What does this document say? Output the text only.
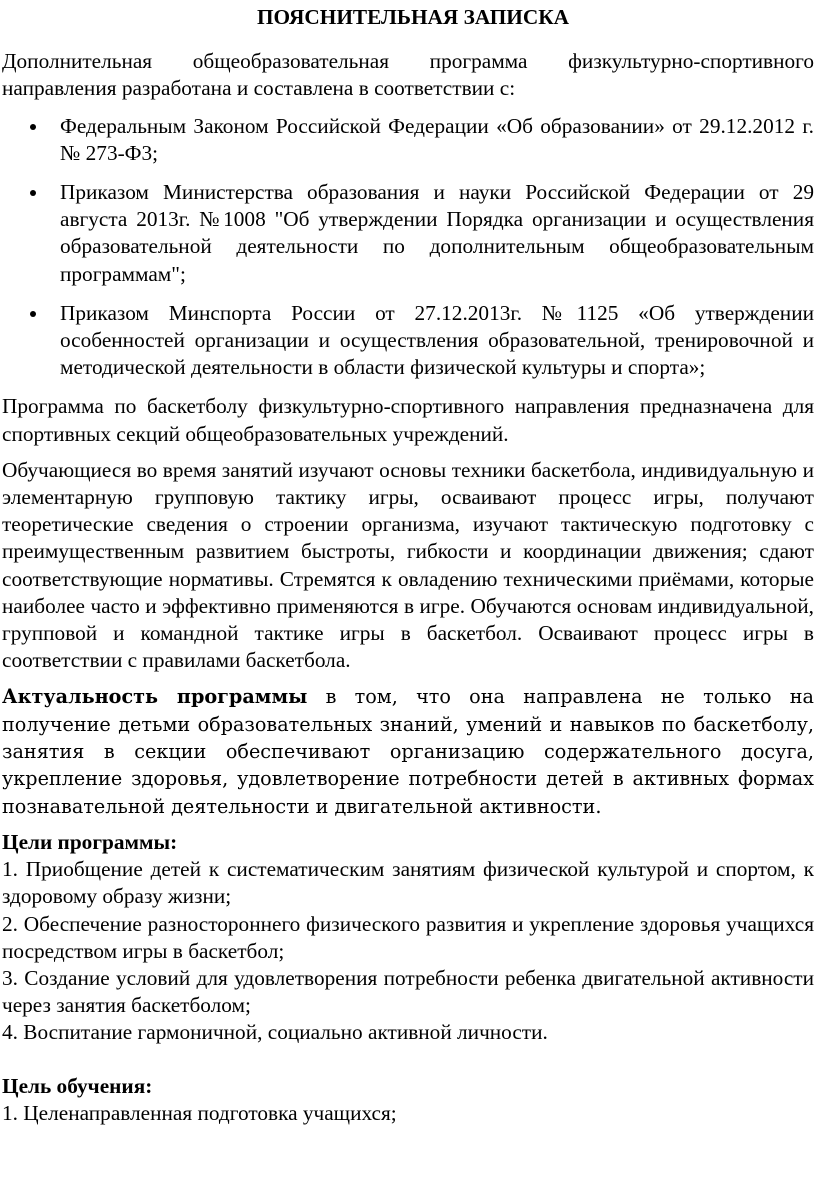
ПОЯСНИТЕЛЬНАЯ ЗАПИСКА

Дополнительная общеобразовательная программа физкультурно-спортивного направления разработана и составлена в соответствии с:

Федеральным Законом Российской Федерации «Об образовании» от 29.12.2012 г. № 273-Ф3;
Приказом Министерства образования и науки Российской Федерации от 29 августа 2013г. №1008 "Об утверждении Порядка организации и осуществления образовательной деятельности по дополнительным общеобразовательным программам";
Приказом Минспорта России от 27.12.2013г. №1125 «Об утверждении особенностей организации и осуществления образовательной, тренировочной и методической деятельности в области физической культуры и спорта»;

Программа по баскетболу физкультурно-спортивного направления предназначена для спортивных секций общеобразовательных учреждений.

Обучающиеся во время занятий изучают основы техники баскетбола, индивидуальную и элементарную групповую тактику игры, осваивают процесс игры, получают теоретические сведения о строении организма, изучают тактическую подготовку с преимущественным развитием быстроты, гибкости и координации движения; сдают соответствующие нормативы. Стремятся к овладению техническими приёмами, которые наиболее часто и эффективно применяются в игре. Обучаются основам индивидуальной, групповой и командной тактике игры в баскетбол. Осваивают процесс игры в соответствии с правилами баскетбола.

Актуальность программы в том, что она направлена не только на получение детьми образовательных знаний, умений и навыков по баскетболу, занятия в секции обеспечивают организацию содержательного досуга, укрепление здоровья, удовлетворение потребности детей в активных формах познавательной деятельности и двигательной активности.

Цели программы:

1. Приобщение детей к систематическим занятиям физической культурой и спортом, к здоровому образу жизни;

2. Обеспечение разностороннего физического развития и укрепление здоровья учащихся посредством игры в баскетбол;

3. Создание условий для удовлетворения потребности ребенка двигательной активности через занятия баскетболом;

4. Воспитание гармоничной, социально активной личности.

Цель обучения:

1. Целенаправленная подготовка учащихся;
